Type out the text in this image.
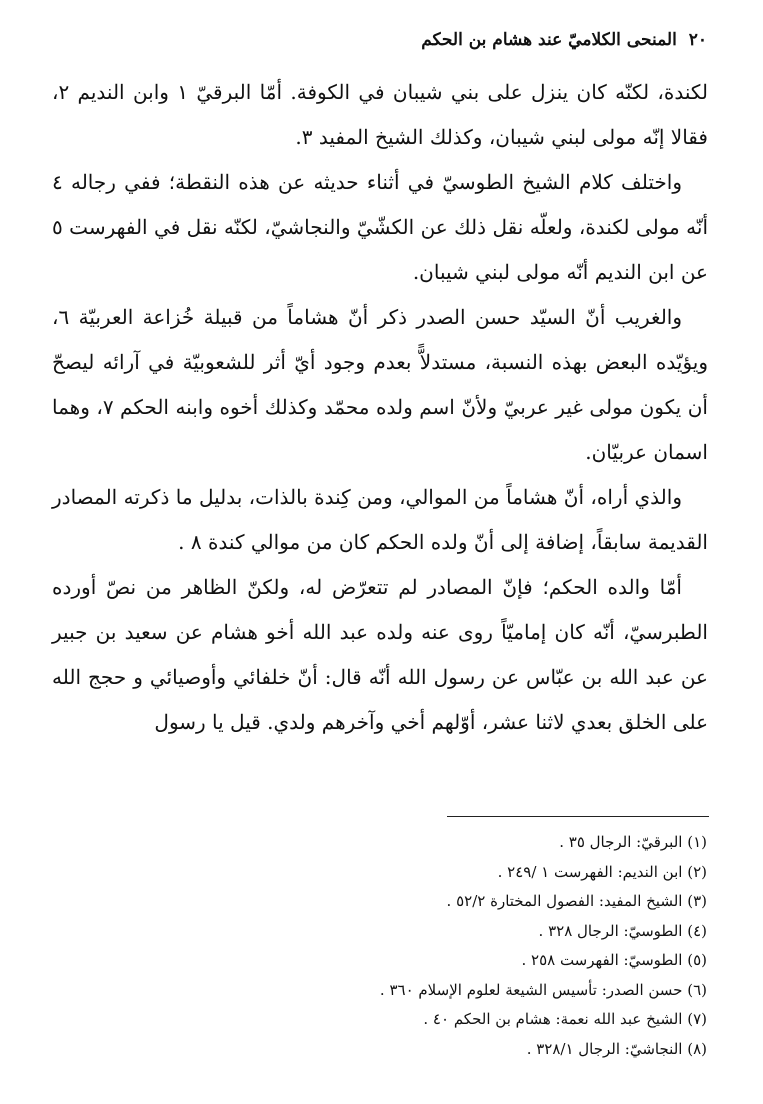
٢٠ المنحى الكلاميّ عند هشام بن الحكم

لكندة، لكنّه كان ينزل على بني شيبان في الكوفة. أمّا البرقيّ ١ وابن النديم ٢، فقالا إنّه مولى لبني شيبان، وكذلك الشيخ المفيد ٣.

واختلف كلام الشيخ الطوسيّ في أثناء حديثه عن هذه النقطة؛ ففي رجاله ٤ أنّه مولى لكندة، ولعلّه نقل ذلك عن الكشّيّ والنجاشيّ، لكنّه نقل في الفهرست ٥ عن ابن النديم أنّه مولى لبني شيبان.

والغريب أنّ السيّد حسن الصدر ذكر أنّ هشاماً من قبيلة خُزاعة العربيّة ٦، ويؤيّده البعض بهذه النسبة، مستدلاًّ بعدم وجود أيّ أثر للشعوبيّة في آرائه ليصحّ أن يكون مولى غير عربيّ ولأنّ اسم ولده محمّد وكذلك أخوه وابنه الحكم ٧، وهما اسمان عربيّان.

والذي أراه، أنّ هشاماً من الموالي، ومن كِندة بالذات، بدليل ما ذكرته المصادر القديمة سابقاً، إضافة إلى أنّ ولده الحكم كان من موالي كندة ٨ .

أمّا والده الحكم؛ فإنّ المصادر لم تتعرّض له، ولكنّ الظاهر من نصّ أورده الطبرسيّ، أنّه كان إماميّاً روى عنه ولده عبد الله أخو هشام عن سعيد بن جبير عن عبد الله بن عبّاس عن رسول الله أنّه قال: أنّ خلفائي وأوصيائي و حجج الله على الخلق بعدي لاثنا عشر، أوّلهم أخي وآخرهم ولدي. قيل يا رسول

(١) البرقيّ: الرجال ٣٥ .
(٢) ابن النديم: الفهرست ١ /٢٤٩ .
(٣) الشيخ المفيد: الفصول المختارة ٥٢/٢ .
(٤) الطوسيّ: الرجال ٣٢٨ .
(٥) الطوسيّ: الفهرست ٢٥٨ .
(٦) حسن الصدر: تأسيس الشيعة لعلوم الإسلام ٣٦٠ .
(٧) الشيخ عبد الله نعمة: هشام بن الحكم ٤٠ .
(٨) النجاشيّ: الرجال ٣٢٨/١ .
